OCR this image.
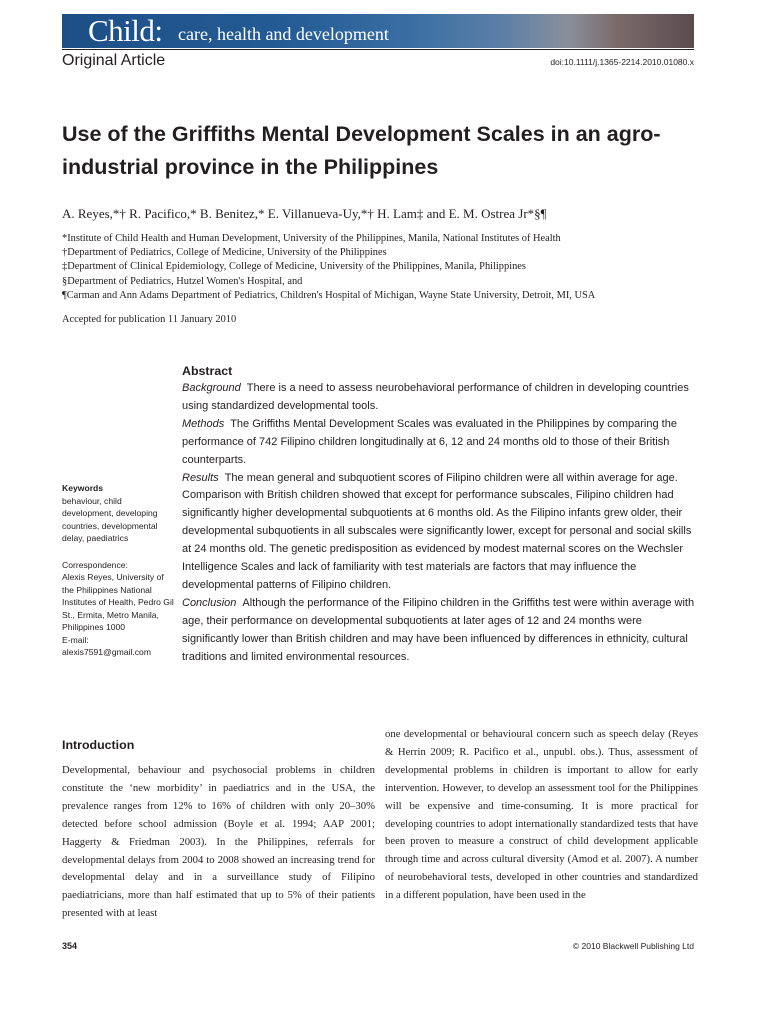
Child: care, health and development
Original Article	doi:10.1111/j.1365-2214.2010.01080.x
Use of the Griffiths Mental Development Scales in an agro-industrial province in the Philippines
A. Reyes,*† R. Pacifico,* B. Benitez,* E. Villanueva-Uy,*† H. Lam‡ and E. M. Ostrea Jr*§¶
*Institute of Child Health and Human Development, University of the Philippines, Manila, National Institutes of Health
†Department of Pediatrics, College of Medicine, University of the Philippines
‡Department of Clinical Epidemiology, College of Medicine, University of the Philippines, Manila, Philippines
§Department of Pediatrics, Hutzel Women's Hospital, and
¶Carman and Ann Adams Department of Pediatrics, Children's Hospital of Michigan, Wayne State University, Detroit, MI, USA
Accepted for publication 11 January 2010
Abstract

Background There is a need to assess neurobehavioral performance of children in developing countries using standardized developmental tools.

Methods The Griffiths Mental Development Scales was evaluated in the Philippines by comparing the performance of 742 Filipino children longitudinally at 6, 12 and 24 months old to those of their British counterparts.

Results The mean general and subquotient scores of Filipino children were all within average for age. Comparison with British children showed that except for performance subscales, Filipino children had significantly higher developmental subquotients at 6 months old. As the Filipino infants grew older, their developmental subquotients in all subscales were significantly lower, except for personal and social skills at 24 months old. The genetic predisposition as evidenced by modest maternal scores on the Wechsler Intelligence Scales and lack of familiarity with test materials are factors that may influence the developmental patterns of Filipino children.

Conclusion Although the performance of the Filipino children in the Griffiths test were within average with age, their performance on developmental subquotients at later ages of 12 and 24 months were significantly lower than British children and may have been influenced by differences in ethnicity, cultural traditions and limited environmental resources.

Keywords
behaviour, child development, developing countries, developmental delay, paediatrics
Correspondence:
Alexis Reyes, University of the Philippines National Institutes of Health, Pedro Gil St., Ermita, Metro Manila, Philippines 1000
E-mail:
alexis7591@gmail.com
Introduction
Developmental, behaviour and psychosocial problems in children constitute the ‘new morbidity’ in paediatrics and in the USA, the prevalence ranges from 12% to 16% of children with only 20–30% detected before school admission (Boyle et al. 1994; AAP 2001; Haggerty & Friedman 2003). In the Philippines, referrals for developmental delays from 2004 to 2008 showed an increasing trend for developmental delay and in a surveillance study of Filipino paediatricians, more than half estimated that up to 5% of their patients presented with at least
one developmental or behavioural concern such as speech delay (Reyes & Herrin 2009; R. Pacifico et al., unpubl. obs.). Thus, assessment of developmental problems in children is important to allow for early intervention. However, to develop an assessment tool for the Philippines will be expensive and time-consuming. It is more practical for developing countries to adopt internationally standardized tests that have been proven to measure a construct of child development applicable through time and across cultural diversity (Amod et al. 2007). A number of neurobehavioral tests, developed in other countries and standardized in a different population, have been used in the
354	© 2010 Blackwell Publishing Ltd
